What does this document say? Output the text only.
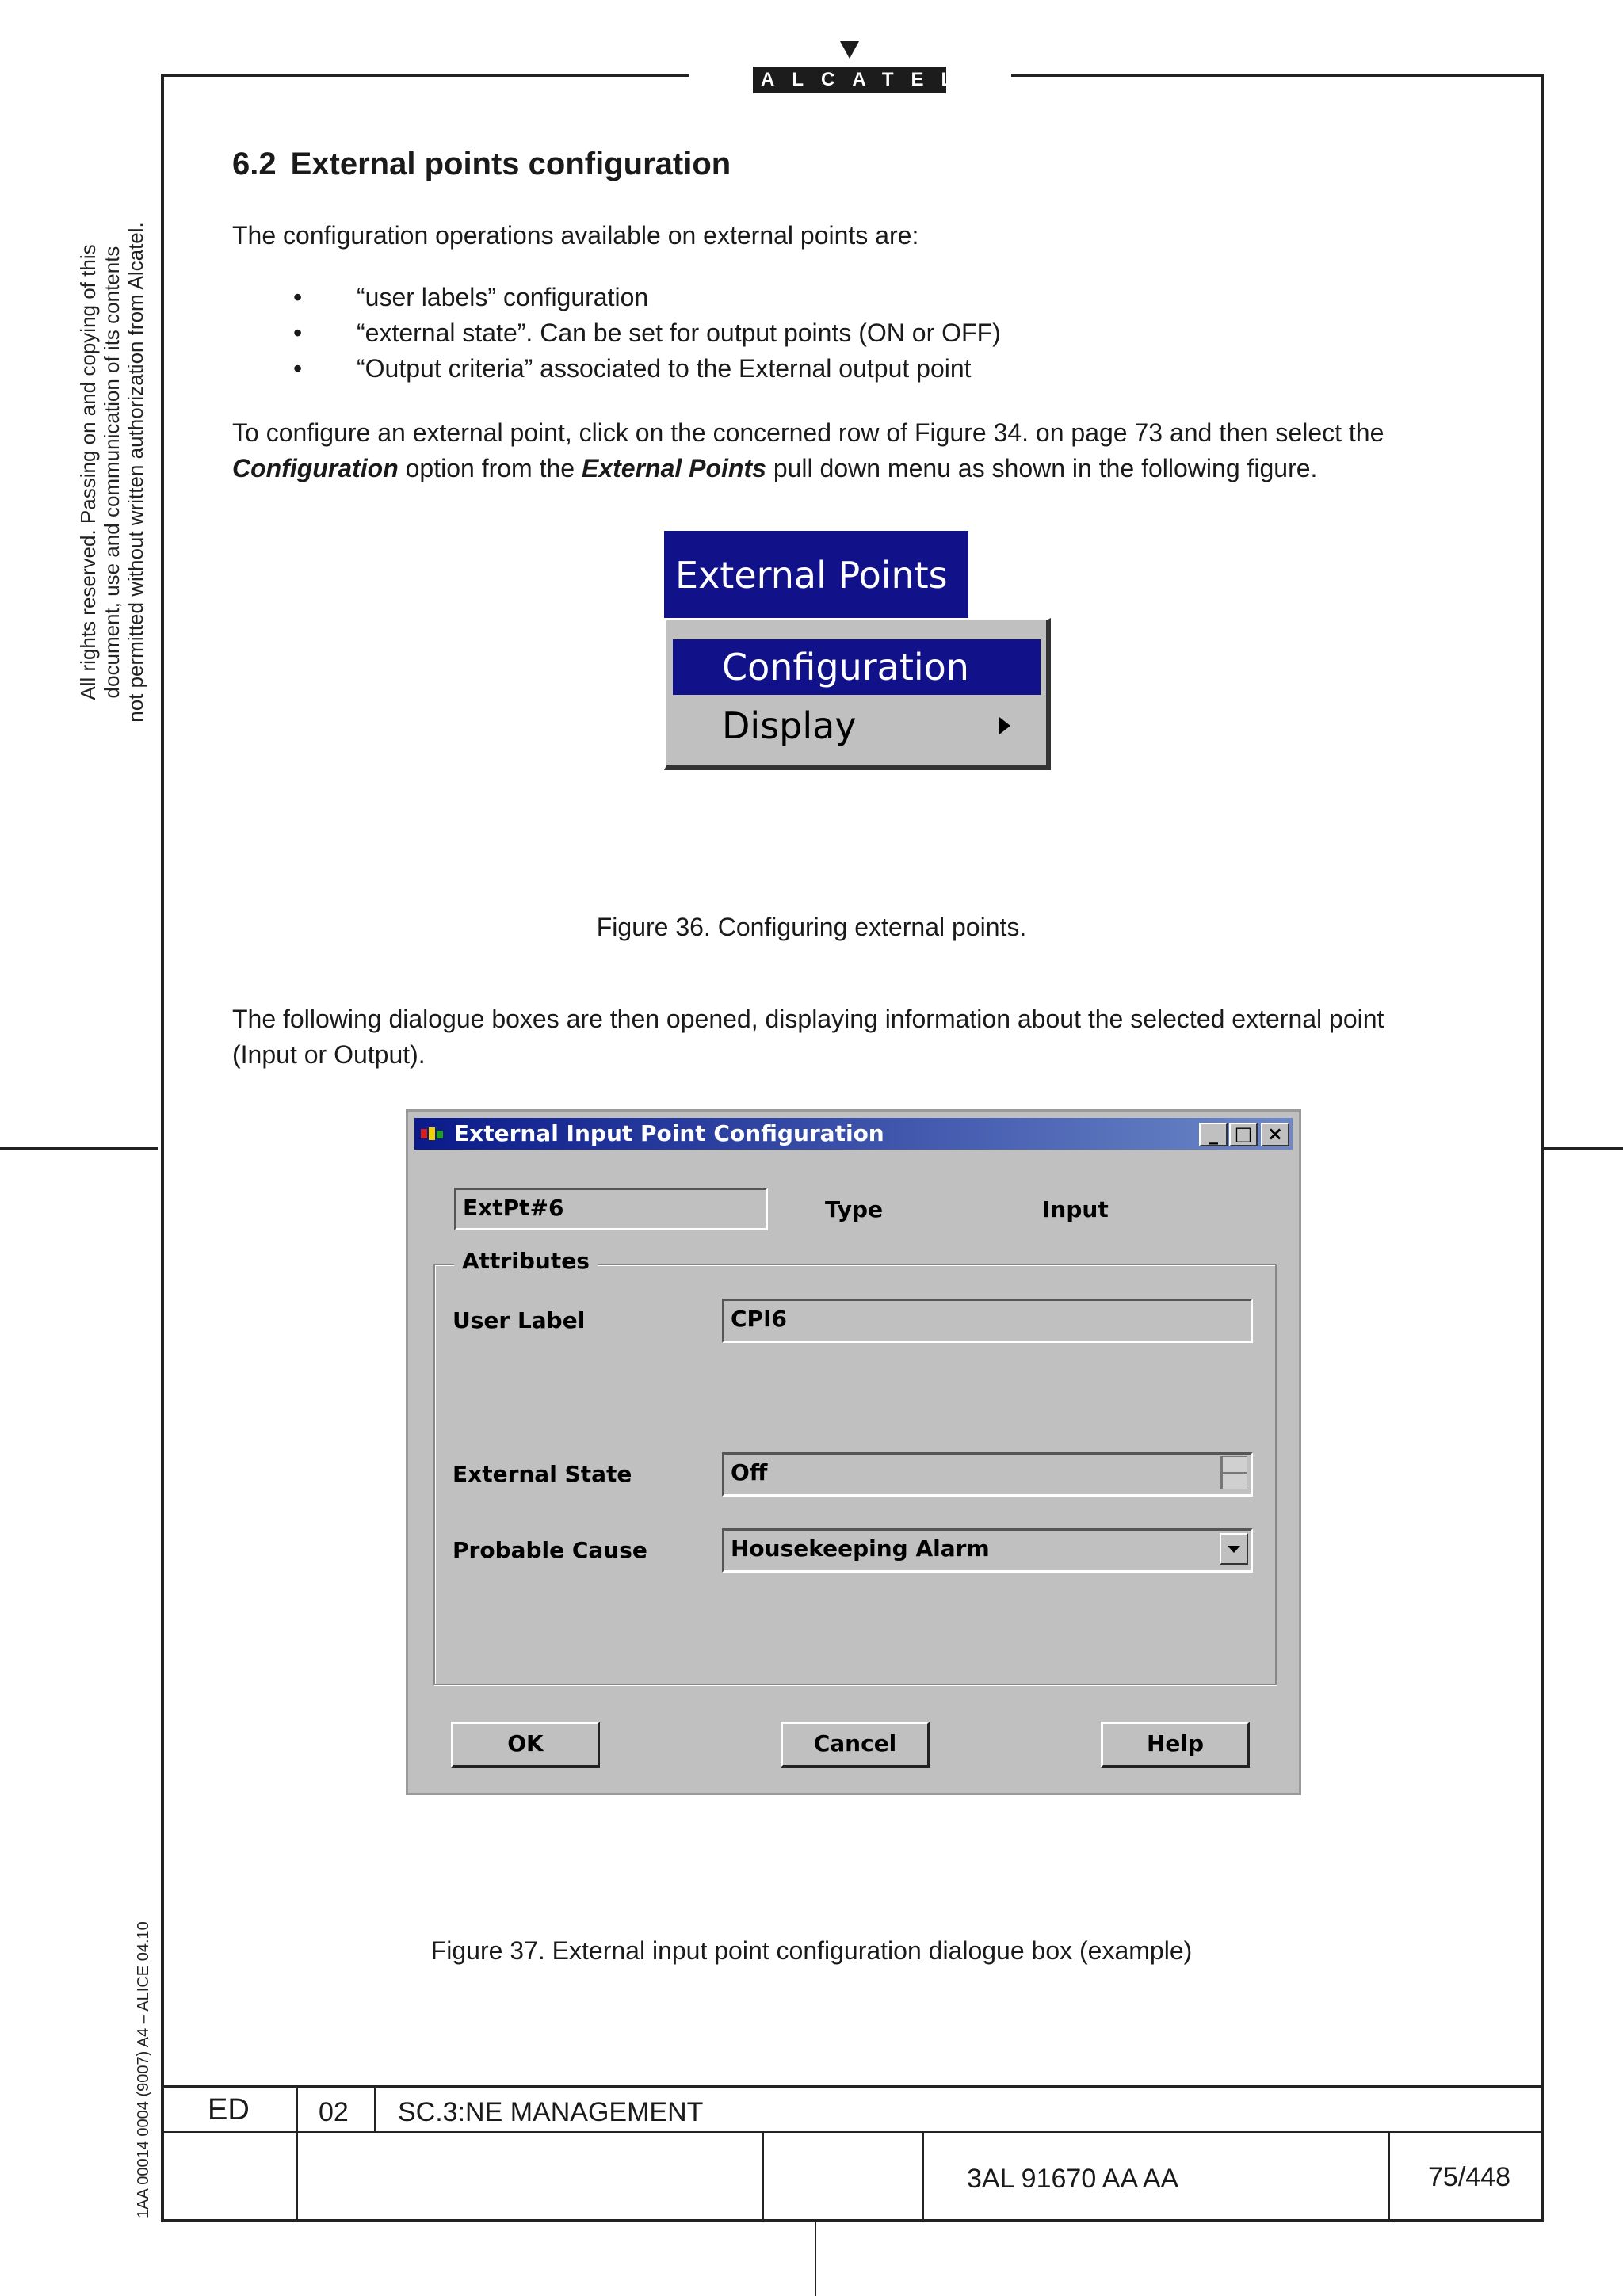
ALCATEL
All rights reserved. Passing on and copying of this document, use and communication of its contents not permitted without written authorization from Alcatel.
1AA 00014 0004 (9007) A4 – ALICE 04.10
6.2 External points configuration
The configuration operations available on external points are:
• “user labels” configuration
• “external state”. Can be set for output points (ON or OFF)
• “Output criteria” associated to the External output point
To configure an external point, click on the concerned row of Figure 34. on page 73 and then select the
Configuration option from the External Points pull down menu as shown in the following figure.
External Points
Configuration
Display
Figure 36. Configuring external points.
The following dialogue boxes are then opened, displaying information about the selected external point
(Input or Output).
External Input Point Configuration	_ □ ×
ExtPt#6	Type	Input
Attributes
User Label	CPI6
External State	Off
Probable Cause	Housekeeping Alarm
OK	Cancel	Help
Figure 37. External input point configuration dialogue box (example)
ED	02 SC.3:NE MANAGEMENT
3AL 91670 AA AA	75/448
